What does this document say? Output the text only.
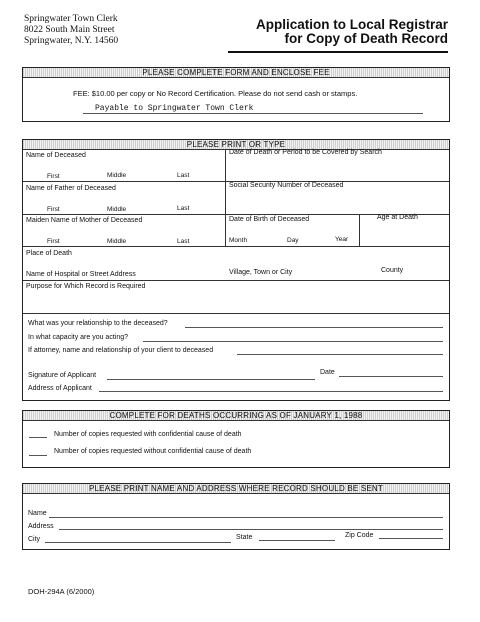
Springwater Town Clerk
8022 South Main Street
Springwater, N.Y. 14560
Application to Local Registrar
for Copy of Death Record
PLEASE COMPLETE FORM AND ENCLOSE FEE
FEE: $10.00 per copy or No Record Certification. Please do not send cash or stamps.
Payable to Springwater Town Clerk
PLEASE PRINT OR TYPE
Name of Deceased	Date of Death or Period to be Covered by Search
First	Middle	Last
Name of Father of Deceased	Social Security Number of Deceased
First	Middle	Last
Maiden Name of Mother of Deceased	Date of Birth of Deceased	Age at Death
First	Middle	Last	Month	Day	Year
Place of Death
Name of Hospital or Street Address	Village, Town or City	County
Purpose for Which Record is Required
What was your relationship to the deceased?
In what capacity are you acting?
If attorney, name and relationship of your client to deceased
Signature of Applicant	Date
Address of Applicant
COMPLETE FOR DEATHS OCCURRING AS OF JANUARY 1, 1988
Number of copies requested with confidential cause of death
Number of copies requested without confidential cause of death
PLEASE PRINT NAME AND ADDRESS WHERE RECORD SHOULD BE SENT
Name
Address
City	State	Zip Code
DOH-294A (6/2000)
